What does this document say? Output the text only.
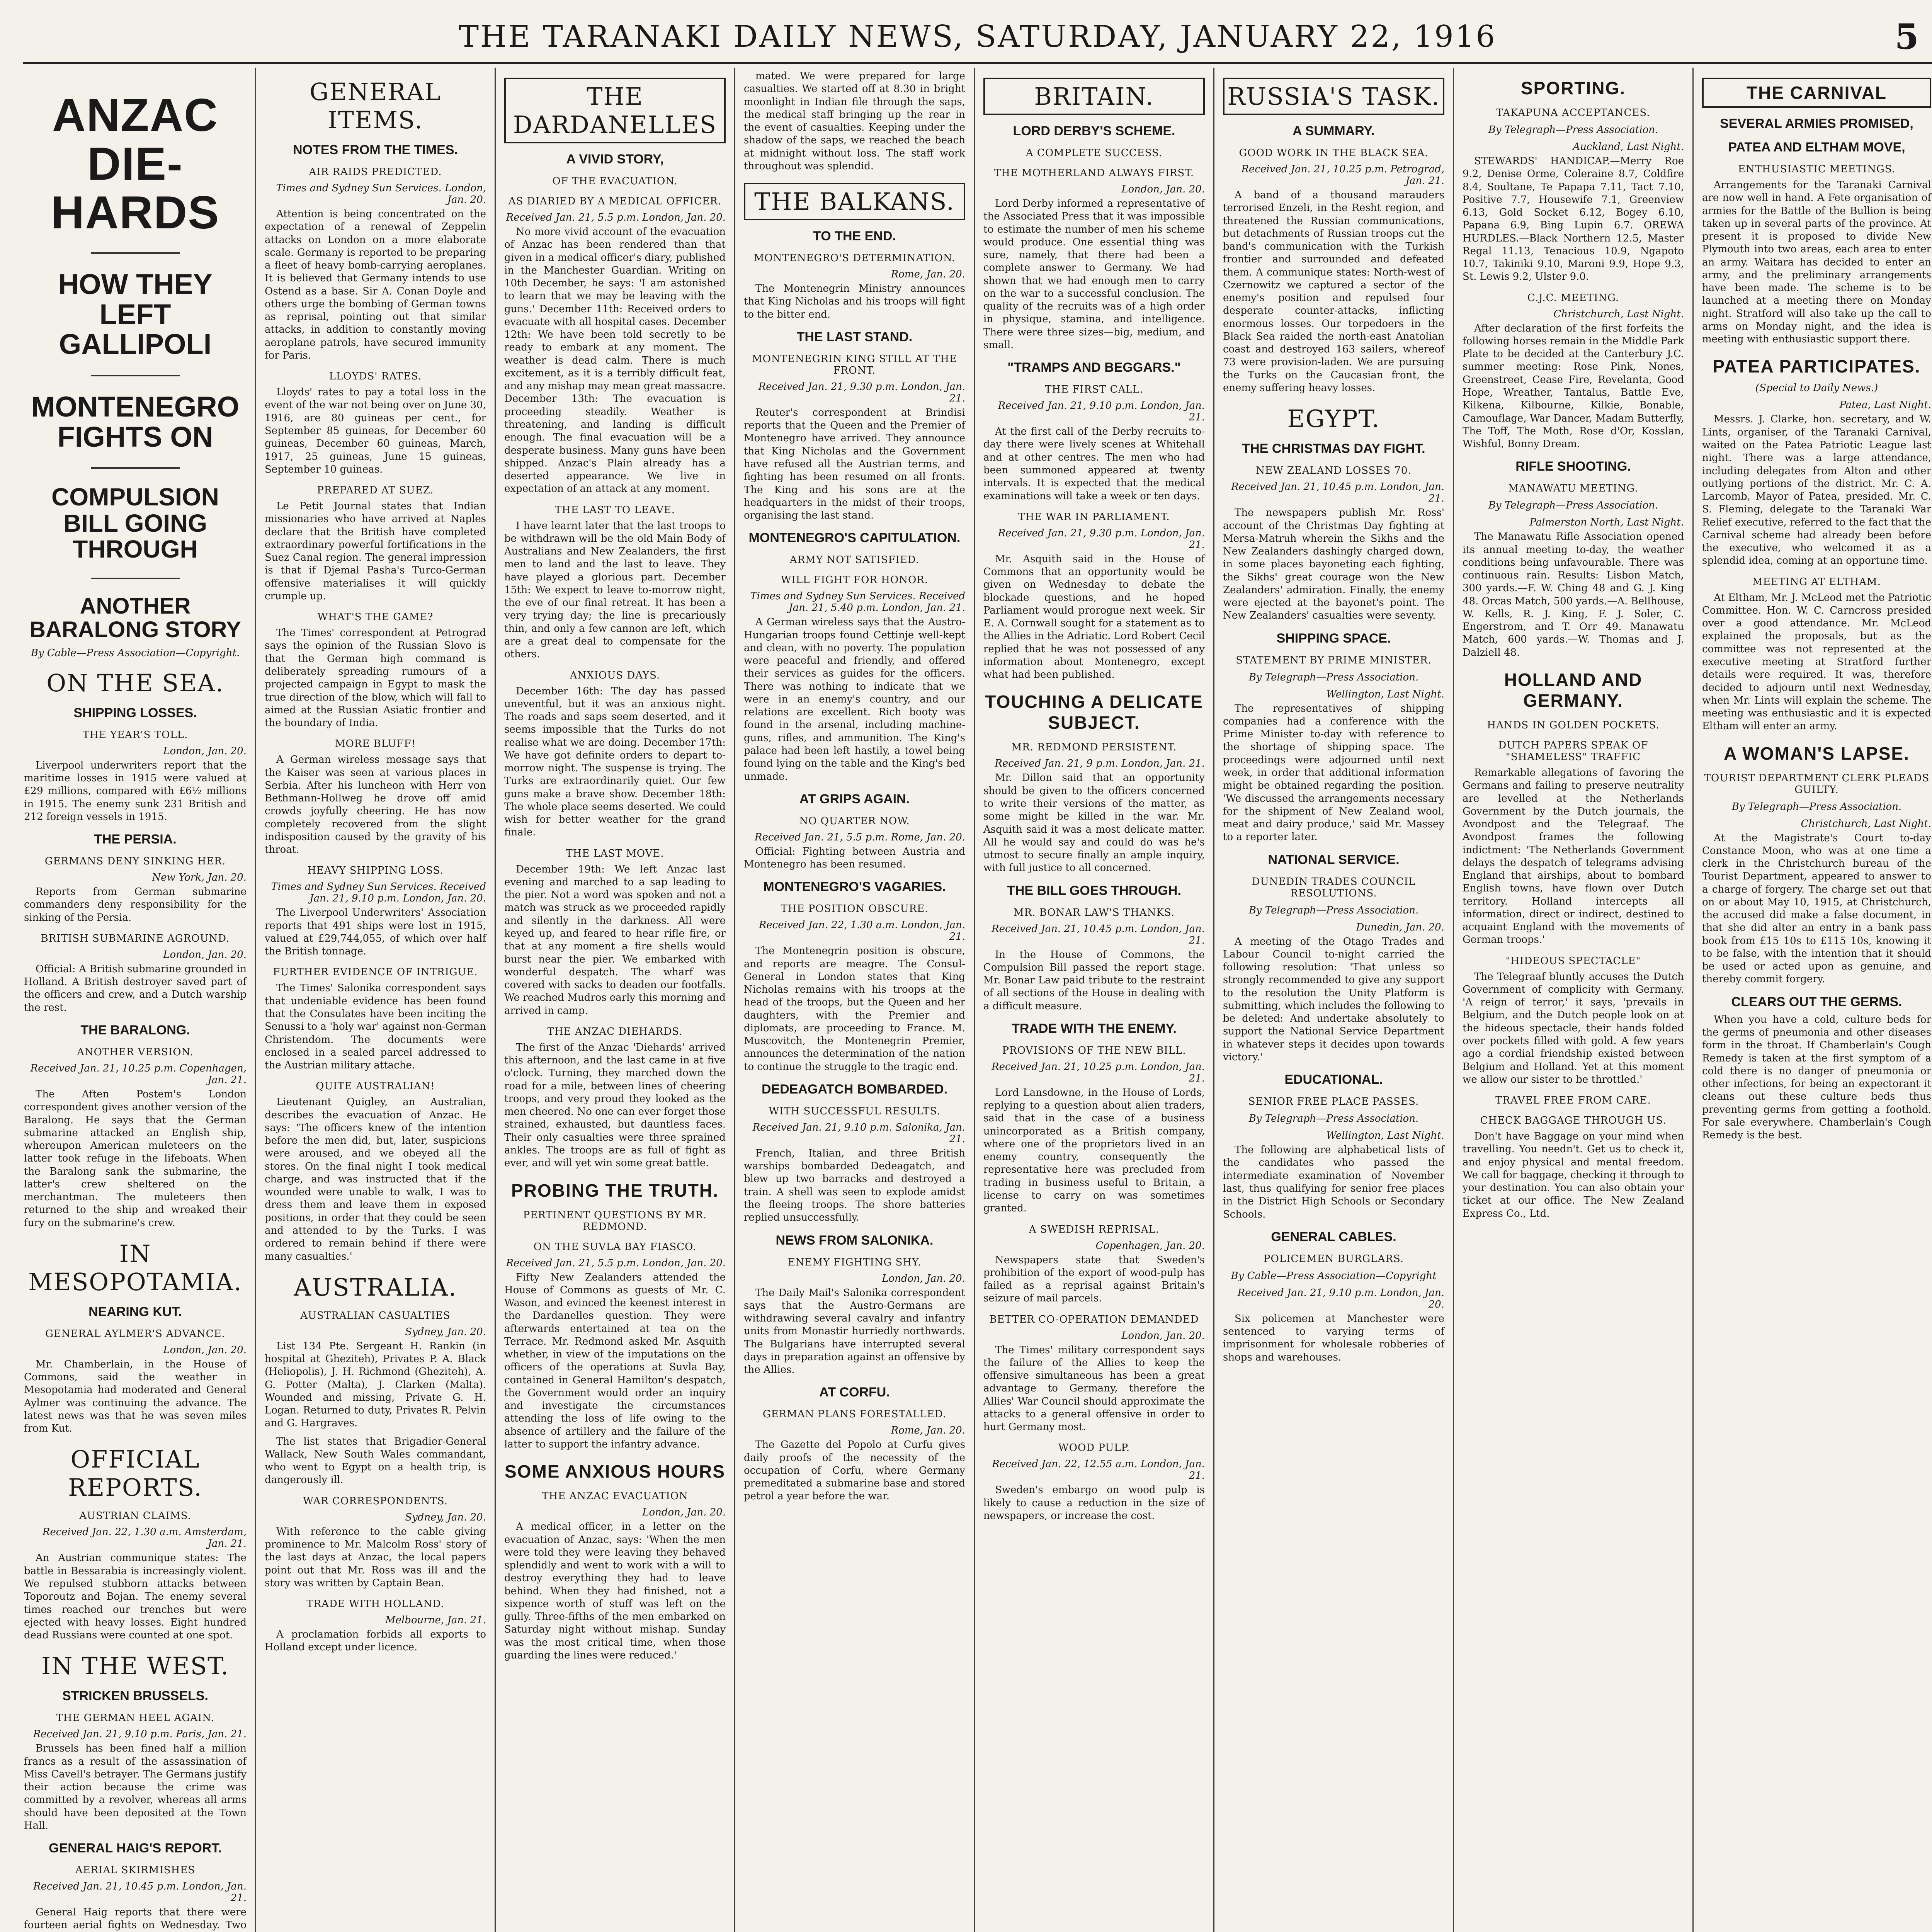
THE TARANAKI DAILY NEWS, SATURDAY, JANUARY 22, 1916	5
ANZAC DIE-HARDS
HOW THEY LEFT GALLIPOLI
MONTENEGRO FIGHTS ON
COMPULSION BILL GOING THROUGH
ANOTHER BARALONG STORY
By Cable—Press Association—Copyright.
ON THE SEA.
SHIPPING LOSSES.
THE YEAR'S TOLL.
London, Jan. 20.

Liverpool underwriters report that the maritime losses in 1915 were valued at £29 millions, compared with £6½ millions in 1915. The enemy sunk 231 British and 212 foreign vessels in 1915.

THE PERSIA.
GERMANS DENY SINKING HER.
New York, Jan. 20.

Reports from German submarine commanders deny responsibility for the sinking of the Persia.

BRITISH SUBMARINE AGROUND.
London, Jan. 20.

Official: A British submarine grounded in Holland. A British destroyer saved part of the officers and crew, and a Dutch warship the rest.

THE BARALONG.
ANOTHER VERSION.
Received Jan. 21, 10.25 p.m. Copenhagen, Jan. 21.

The Aften Postem's London correspondent gives another version of the Baralong. He says that the German submarine attacked an English ship, whereupon American muleteers on the latter took refuge in the lifeboats. When the Baralong sank the submarine, the latter's crew sheltered on the merchantman. The muleteers then returned to the ship and wreaked their fury on the submarine's crew.

IN MESOPOTAMIA.
NEARING KUT.
GENERAL AYLMER'S ADVANCE.
London, Jan. 20.

Mr. Chamberlain, in the House of Commons, said the weather in Mesopotamia had moderated and General Aylmer was continuing the advance. The latest news was that he was seven miles from Kut.

OFFICIAL REPORTS.
AUSTRIAN CLAIMS.
Received Jan. 22, 1.30 a.m. Amsterdam, Jan. 21.

An Austrian communique states: The battle in Bessarabia is increasingly violent. We repulsed stubborn attacks between Toporoutz and Bojan. The enemy several times reached our trenches but were ejected with heavy losses. Eight hundred dead Russians were counted at one spot.

IN THE WEST.
STRICKEN BRUSSELS.
THE GERMAN HEEL AGAIN.
Received Jan. 21, 9.10 p.m. Paris, Jan. 21.

Brussels has been fined half a million francs as a result of the assassination of Miss Cavell's betrayer. The Germans justify their action because the crime was committed by a revolver, whereas all arms should have been deposited at the Town Hall.

GENERAL HAIG'S REPORT.
AERIAL SKIRMISHES
Received Jan. 21, 10.45 p.m. London, Jan. 21.

General Haig reports that there were fourteen aerial fights on Wednesday. Two

GENERAL ITEMS.
NOTES FROM THE TIMES.
AIR RAIDS PREDICTED.
Times and Sydney Sun Services. London, Jan. 20.

Attention is being concentrated on the expectation of a renewal of Zeppelin attacks on London on a more elaborate scale. Germany is reported to be preparing a fleet of heavy bomb-carrying aeroplanes. It is believed that Germany intends to use Ostend as a base. Sir A. Conan Doyle and others urge the bombing of German towns as reprisal, pointing out that similar attacks, in addition to constantly moving aeroplane patrols, have secured immunity for Paris.

LLOYDS' RATES.

Lloyds' rates to pay a total loss in the event of the war not being over on June 30, 1916, are 80 guineas per cent., for September 85 guineas, for December 60 guineas, December 60 guineas, March, 1917, 25 guineas, June 15 guineas, September 10 guineas.

PREPARED AT SUEZ.

Le Petit Journal states that Indian missionaries who have arrived at Naples declare that the British have completed extraordinary powerful fortifications in the Suez Canal region. The general impression is that if Djemal Pasha's Turco-German offensive materialises it will quickly crumple up.

WHAT'S THE GAME?

The Times' correspondent at Petrograd says the opinion of the Russian Slovo is that the German high command is deliberately spreading rumours of a projected campaign in Egypt to mask the true direction of the blow, which will fall to aimed at the Russian Asiatic frontier and the boundary of India.

MORE BLUFF!

A German wireless message says that the Kaiser was seen at various places in Serbia. After his luncheon with Herr von Bethmann-Hollweg he drove off amid crowds joyfully cheering. He has now completely recovered from the slight indisposition caused by the gravity of his throat.

HEAVY SHIPPING LOSS.
Times and Sydney Sun Services. Received Jan. 21, 9.10 p.m. London, Jan. 20.

The Liverpool Underwriters' Association reports that 491 ships were lost in 1915, valued at £29,744,055, of which over half the British tonnage.

FURTHER EVIDENCE OF INTRIGUE.

The Times' Salonika correspondent says that undeniable evidence has been found that the Consulates have been inciting the Senussi to a 'holy war' against non-German Christendom. The documents were enclosed in a sealed parcel addressed to the Austrian military attache.

QUITE AUSTRALIAN!

Lieutenant Quigley, an Australian, describes the evacuation of Anzac. He says: 'The officers knew of the intention before the men did, but, later, suspicions were aroused, and we obeyed all the stores. On the final night I took medical charge, and was instructed that if the wounded were unable to walk, I was to dress them and leave them in exposed positions, in order that they could be seen and attended to by the Turks. I was ordered to remain behind if there were many casualties.'

AUSTRALIA.
AUSTRALIAN CASUALTIES
Sydney, Jan. 20.

List 134 Pte. Sergeant H. Rankin (in hospital at Gheziteh), Privates P. A. Black (Heliopolis), J. H. Richmond (Gheziteh), A. G. Potter (Malta), J. Clarken (Malta). Wounded and missing, Private G. H. Logan. Returned to duty, Privates R. Pelvin and G. Hargraves.

The list states that Brigadier-General Wallack, New South Wales commandant, who went to Egypt on a health trip, is dangerously ill.

WAR CORRESPONDENTS.
Sydney, Jan. 20.

With reference to the cable giving prominence to Mr. Malcolm Ross' story of the last days at Anzac, the local papers point out that Mr. Ross was ill and the story was written by Captain Bean.

TRADE WITH HOLLAND.
Melbourne, Jan. 21.

A proclamation forbids all exports to Holland except under licence.

THE DARDANELLES
A VIVID STORY,
OF THE EVACUATION.
AS DIARIED BY A MEDICAL OFFICER.
Received Jan. 21, 5.5 p.m. London, Jan. 20.

No more vivid account of the evacuation of Anzac has been rendered than that given in a medical officer's diary, published in the Manchester Guardian. Writing on 10th December, he says: 'I am astonished to learn that we may be leaving with the guns.' December 11th: Received orders to evacuate with all hospital cases. December 12th: We have been told secretly to be ready to embark at any moment. The weather is dead calm. There is much excitement, as it is a terribly difficult feat, and any mishap may mean great massacre. December 13th: The evacuation is proceeding steadily. Weather is threatening, and landing is difficult enough. The final evacuation will be a desperate business. Many guns have been shipped. Anzac's Plain already has a deserted appearance. We live in expectation of an attack at any moment.

THE LAST TO LEAVE.

I have learnt later that the last troops to be withdrawn will be the old Main Body of Australians and New Zealanders, the first men to land and the last to leave. They have played a glorious part. December 15th: We expect to leave to-morrow night, the eve of our final retreat. It has been a very trying day; the line is precariously thin, and only a few cannon are left, which are a great deal to compensate for the others.

ANXIOUS DAYS.

December 16th: The day has passed uneventful, but it was an anxious night. The roads and saps seem deserted, and it seems impossible that the Turks do not realise what we are doing. December 17th: We have got definite orders to depart to-morrow night. The suspense is trying. The Turks are extraordinarily quiet. Our few guns make a brave show. December 18th: The whole place seems deserted. We could wish for better weather for the grand finale.

THE LAST MOVE.

December 19th: We left Anzac last evening and marched to a sap leading to the pier. Not a word was spoken and not a match was struck as we proceeded rapidly and silently in the darkness. All were keyed up, and feared to hear rifle fire, or that at any moment a fire shells would burst near the pier. We embarked with wonderful despatch. The wharf was covered with sacks to deaden our footfalls. We reached Mudros early this morning and arrived in camp.

THE ANZAC DIEHARDS.

The first of the Anzac 'Diehards' arrived this afternoon, and the last came in at five o'clock. Turning, they marched down the road for a mile, between lines of cheering troops, and very proud they looked as the men cheered. No one can ever forget those strained, exhausted, but dauntless faces. Their only casualties were three sprained ankles. The troops are as full of fight as ever, and will yet win some great battle.

PROBING THE TRUTH.
PERTINENT QUESTIONS BY MR. REDMOND.
ON THE SUVLA BAY FIASCO.
Received Jan. 21, 5.5 p.m. London, Jan. 20.

Fifty New Zealanders attended the House of Commons as guests of Mr. C. Wason, and evinced the keenest interest in the Dardanelles question. They were afterwards entertained at tea on the Terrace. Mr. Redmond asked Mr. Asquith whether, in view of the imputations on the officers of the operations at Suvla Bay, contained in General Hamilton's despatch, the Government would order an inquiry and investigate the circumstances attending the loss of life owing to the absence of artillery and the failure of the latter to support the infantry advance.

SOME ANXIOUS HOURS
THE ANZAC EVACUATION
London, Jan. 20.

A medical officer, in a letter on the evacuation of Anzac, says: 'When the men were told they were leaving they behaved splendidly and went to work with a will to destroy everything they had to leave behind. When they had finished, not a sixpence worth of stuff was left on the gully. Three-fifths of the men embarked on Saturday night without mishap. Sunday was the most critical time, when those guarding the lines were reduced.'

mated. We were prepared for large casualties. We started off at 8.30 in bright moonlight in Indian file through the saps, the medical staff bringing up the rear in the event of casualties. Keeping under the shadow of the saps, we reached the beach at midnight without loss. The staff work throughout was splendid.

THE BALKANS.
TO THE END.
MONTENEGRO'S DETERMINATION.
Rome, Jan. 20.

The Montenegrin Ministry announces that King Nicholas and his troops will fight to the bitter end.

THE LAST STAND.
MONTENEGRIN KING STILL AT THE FRONT.
Received Jan. 21, 9.30 p.m. London, Jan. 21.

Reuter's correspondent at Brindisi reports that the Queen and the Premier of Montenegro have arrived. They announce that King Nicholas and the Government have refused all the Austrian terms, and fighting has been resumed on all fronts. The King and his sons are at the headquarters in the midst of their troops, organising the last stand.

MONTENEGRO'S CAPITULATION.
ARMY NOT SATISFIED.
WILL FIGHT FOR HONOR.
Times and Sydney Sun Services. Received Jan. 21, 5.40 p.m. London, Jan. 21.

A German wireless says that the Austro-Hungarian troops found Cettinje well-kept and clean, with no poverty. The population were peaceful and friendly, and offered their services as guides for the officers. There was nothing to indicate that we were in an enemy's country, and our relations are excellent. Rich booty was found in the arsenal, including machine-guns, rifles, and ammunition. The King's palace had been left hastily, a towel being found lying on the table and the King's bed unmade.

AT GRIPS AGAIN.
NO QUARTER NOW.
Received Jan. 21, 5.5 p.m. Rome, Jan. 20.

Official: Fighting between Austria and Montenegro has been resumed.

MONTENEGRO'S VAGARIES.
THE POSITION OBSCURE.
Received Jan. 22, 1.30 a.m. London, Jan. 21.

The Montenegrin position is obscure, and reports are meagre. The Consul-General in London states that King Nicholas remains with his troops at the head of the troops, but the Queen and her daughters, with the Premier and diplomats, are proceeding to France. M. Muscovitch, the Montenegrin Premier, announces the determination of the nation to continue the struggle to the tragic end.

DEDEAGATCH BOMBARDED.
WITH SUCCESSFUL RESULTS.
Received Jan. 21, 9.10 p.m. Salonika, Jan. 21.

French, Italian, and three British warships bombarded Dedeagatch, and blew up two barracks and destroyed a train. A shell was seen to explode amidst the fleeing troops. The shore batteries replied unsuccessfully.

NEWS FROM SALONIKA.
ENEMY FIGHTING SHY.
London, Jan. 20.

The Daily Mail's Salonika correspondent says that the Austro-Germans are withdrawing several cavalry and infantry units from Monastir hurriedly northwards. The Bulgarians have interrupted several days in preparation against an offensive by the Allies.

AT CORFU.
GERMAN PLANS FORESTALLED.
Rome, Jan. 20.

The Gazette del Popolo at Curfu gives daily proofs of the necessity of the occupation of Corfu, where Germany premeditated a submarine base and stored petrol a year before the war.

BRITAIN.
LORD DERBY'S SCHEME.
A COMPLETE SUCCESS.
THE MOTHERLAND ALWAYS FIRST.
London, Jan. 20.

Lord Derby informed a representative of the Associated Press that it was impossible to estimate the number of men his scheme would produce. One essential thing was sure, namely, that there had been a complete answer to Germany. We had shown that we had enough men to carry on the war to a successful conclusion. The quality of the recruits was of a high order in physique, stamina, and intelligence. There were three sizes—big, medium, and small.

"TRAMPS AND BEGGARS."
THE FIRST CALL.
Received Jan. 21, 9.10 p.m. London, Jan. 21.

At the first call of the Derby recruits to-day there were lively scenes at Whitehall and at other centres. The men who had been summoned appeared at twenty intervals. It is expected that the medical examinations will take a week or ten days.

THE WAR IN PARLIAMENT.
Received Jan. 21, 9.30 p.m. London, Jan. 21.

Mr. Asquith said in the House of Commons that an opportunity would be given on Wednesday to debate the blockade questions, and he hoped Parliament would prorogue next week. Sir E. A. Cornwall sought for a statement as to the Allies in the Adriatic. Lord Robert Cecil replied that he was not possessed of any information about Montenegro, except what had been published.

TOUCHING A DELICATE SUBJECT.
MR. REDMOND PERSISTENT.
Received Jan. 21, 9 p.m. London, Jan. 21.

Mr. Dillon said that an opportunity should be given to the officers concerned to write their versions of the matter, as some might be killed in the war. Mr. Asquith said it was a most delicate matter. All he would say and could do was he's utmost to secure finally an ample inquiry, with full justice to all concerned.

THE BILL GOES THROUGH.
MR. BONAR LAW'S THANKS.
Received Jan. 21, 10.45 p.m. London, Jan. 21.

In the House of Commons, the Compulsion Bill passed the report stage. Mr. Bonar Law paid tribute to the restraint of all sections of the House in dealing with a difficult measure.

TRADE WITH THE ENEMY.
PROVISIONS OF THE NEW BILL.
Received Jan. 21, 10.25 p.m. London, Jan. 21.

Lord Lansdowne, in the House of Lords, replying to a question about alien traders, said that in the case of a business unincorporated as a British company, where one of the proprietors lived in an enemy country, consequently the representative here was precluded from trading in business useful to Britain, a license to carry on was sometimes granted.

A SWEDISH REPRISAL.
Copenhagen, Jan. 20.

Newspapers state that Sweden's prohibition of the export of wood-pulp has failed as a reprisal against Britain's seizure of mail parcels.

BETTER CO-OPERATION DEMANDED
London, Jan. 20.

The Times' military correspondent says the failure of the Allies to keep the offensive simultaneous has been a great advantage to Germany, therefore the Allies' War Council should approximate the attacks to a general offensive in order to hurt Germany most.

WOOD PULP.
Received Jan. 22, 12.55 a.m. London, Jan. 21.

Sweden's embargo on wood pulp is likely to cause a reduction in the size of newspapers, or increase the cost.

RUSSIA'S TASK.
A SUMMARY.
GOOD WORK IN THE BLACK SEA.
Received Jan. 21, 10.25 p.m. Petrograd, Jan. 21.

A band of a thousand marauders terrorised Enzeli, in the Resht region, and threatened the Russian communications, but detachments of Russian troops cut the band's communication with the Turkish frontier and surrounded and defeated them. A communique states: North-west of Czernowitz we captured a sector of the enemy's position and repulsed four desperate counter-attacks, inflicting enormous losses. Our torpedoers in the Black Sea raided the north-east Anatolian coast and destroyed 163 sailers, whereof 73 were provision-laden. We are pursuing the Turks on the Caucasian front, the enemy suffering heavy losses.

EGYPT.
THE CHRISTMAS DAY FIGHT.
NEW ZEALAND LOSSES 70.
Received Jan. 21, 10.45 p.m. London, Jan. 21.

The newspapers publish Mr. Ross' account of the Christmas Day fighting at Mersa-Matruh wherein the Sikhs and the New Zealanders dashingly charged down, in some places bayoneting each fighting, the Sikhs' great courage won the New Zealanders' admiration. Finally, the enemy were ejected at the bayonet's point. The New Zealanders' casualties were seventy.

SHIPPING SPACE.
STATEMENT BY PRIME MINISTER.
By Telegraph—Press Association.
Wellington, Last Night.

The representatives of shipping companies had a conference with the Prime Minister to-day with reference to the shortage of shipping space. The proceedings were adjourned until next week, in order that additional information might be obtained regarding the position. 'We discussed the arrangements necessary for the shipment of New Zealand wool, meat and dairy produce,' said Mr. Massey to a reporter later.

NATIONAL SERVICE.
DUNEDIN TRADES COUNCIL RESOLUTIONS.
By Telegraph—Press Association.
Dunedin, Jan. 20.

A meeting of the Otago Trades and Labour Council to-night carried the following resolution: 'That unless so strongly recommended to give any support to the resolution the Unity Platform is submitting, which includes the following to be deleted: And undertake absolutely to support the National Service Department in whatever steps it decides upon towards victory.'

EDUCATIONAL.
SENIOR FREE PLACE PASSES.
By Telegraph—Press Association.
Wellington, Last Night.

The following are alphabetical lists of the candidates who passed the intermediate examination of November last, thus qualifying for senior free places in the District High Schools or Secondary Schools.

GENERAL CABLES.
POLICEMEN BURGLARS.
By Cable—Press Association—Copyright
Received Jan. 21, 9.10 p.m. London, Jan. 20.

Six policemen at Manchester were sentenced to varying terms of imprisonment for wholesale robberies of shops and warehouses.

SPORTING.
TAKAPUNA ACCEPTANCES.
By Telegraph—Press Association.
Auckland, Last Night.

STEWARDS' HANDICAP.—Merry Roe 9.2, Denise Orme, Coleraine 8.7, Coldfire 8.4, Soultane, Te Papapa 7.11, Tact 7.10, Positive 7.7, Housewife 7.1, Greenview 6.13, Gold Socket 6.12, Bogey 6.10, Papana 6.9, Bing Lupin 6.7. OREWA HURDLES.—Black Northern 12.5, Master Regal 11.13, Tenacious 10.9, Ngapoto 10.7, Takiniki 9.10, Maroni 9.9, Hope 9.3, St. Lewis 9.2, Ulster 9.0.

C.J.C. MEETING.
Christchurch, Last Night.

After declaration of the first forfeits the following horses remain in the Middle Park Plate to be decided at the Canterbury J.C. summer meeting: Rose Pink, Nones, Greenstreet, Cease Fire, Revelanta, Good Hope, Wreather, Tantalus, Battle Eve, Kilkena, Kilbourne, Kilkie, Bonable, Camouflage, War Dancer, Madam Butterfly, The Toff, The Moth, Rose d'Or, Kosslan, Wishful, Bonny Dream.

RIFLE SHOOTING.
MANAWATU MEETING.
By Telegraph—Press Association.
Palmerston North, Last Night.

The Manawatu Rifle Association opened its annual meeting to-day, the weather conditions being unfavourable. There was continuous rain. Results: Lisbon Match, 300 yards.—F. W. Ching 48 and G. J. King 48. Orcas Match, 500 yards.—A. Bellhouse, W. Kells, R. J. King, F. J. Soler, C. Engerstrom, and T. Orr 49. Manawatu Match, 600 yards.—W. Thomas and J. Dalziell 48.

HOLLAND AND GERMANY.
HANDS IN GOLDEN POCKETS.
DUTCH PAPERS SPEAK OF "SHAMELESS" TRAFFIC

Remarkable allegations of favoring the Germans and failing to preserve neutrality are levelled at the Netherlands Government by the Dutch journals, the Avondpost and the Telegraaf. The Avondpost frames the following indictment: 'The Netherlands Government delays the despatch of telegrams advising England that airships, about to bombard English towns, have flown over Dutch territory. Holland intercepts all information, direct or indirect, destined to acquaint England with the movements of German troops.'

"HIDEOUS SPECTACLE"

The Telegraaf bluntly accuses the Dutch Government of complicity with Germany. 'A reign of terror,' it says, 'prevails in Belgium, and the Dutch people look on at the hideous spectacle, their hands folded over pockets filled with gold. A few years ago a cordial friendship existed between Belgium and Holland. Yet at this moment we allow our sister to be throttled.'

TRAVEL FREE FROM CARE.
CHECK BAGGAGE THROUGH US.

Don't have Baggage on your mind when travelling. You needn't. Get us to check it, and enjoy physical and mental freedom. We call for baggage, checking it through to your destination. You can also obtain your ticket at our office. The New Zealand Express Co., Ltd.

THE CARNIVAL
SEVERAL ARMIES PROMISED,
PATEA AND ELTHAM MOVE,
ENTHUSIASTIC MEETINGS.

Arrangements for the Taranaki Carnival are now well in hand. A Fete organisation of armies for the Battle of the Bullion is being taken up in several parts of the province. At present it is proposed to divide New Plymouth into two areas, each area to enter an army. Waitara has decided to enter an army, and the preliminary arrangements have been made. The scheme is to be launched at a meeting there on Monday night. Stratford will also take up the call to arms on Monday night, and the idea is meeting with enthusiastic support there.

PATEA PARTICIPATES.
(Special to Daily News.)
Patea, Last Night.

Messrs. J. Clarke, hon. secretary, and W. Lints, organiser, of the Taranaki Carnival, waited on the Patea Patriotic League last night. There was a large attendance, including delegates from Alton and other outlying portions of the district. Mr. C. A. Larcomb, Mayor of Patea, presided. Mr. C. S. Fleming, delegate to the Taranaki War Relief executive, referred to the fact that the Carnival scheme had already been before the executive, who welcomed it as a splendid idea, coming at an opportune time.

MEETING AT ELTHAM.

At Eltham, Mr. J. McLeod met the Patriotic Committee. Hon. W. C. Carncross presided over a good attendance. Mr. McLeod explained the proposals, but as the committee was not represented at the executive meeting at Stratford further details were required. It was, therefore decided to adjourn until next Wednesday, when Mr. Lints will explain the scheme. The meeting was enthusiastic and it is expected Eltham will enter an army.

A WOMAN'S LAPSE.
TOURIST DEPARTMENT CLERK PLEADS GUILTY.
By Telegraph—Press Association.
Christchurch, Last Night.

At the Magistrate's Court to-day Constance Moon, who was at one time a clerk in the Christchurch bureau of the Tourist Department, appeared to answer to a charge of forgery. The charge set out that on or about May 10, 1915, at Christchurch, the accused did make a false document, in that she did alter an entry in a bank pass book from £15 10s to £115 10s, knowing it to be false, with the intention that it should be used or acted upon as genuine, and thereby commit forgery.

CLEARS OUT THE GERMS.

When you have a cold, culture beds for the germs of pneumonia and other diseases form in the throat. If Chamberlain's Cough Remedy is taken at the first symptom of a cold there is no danger of pneumonia or other infections, for being an expectorant it cleans out these culture beds thus preventing germs from getting a foothold. For sale everywhere. Chamberlain's Cough Remedy is the best.
